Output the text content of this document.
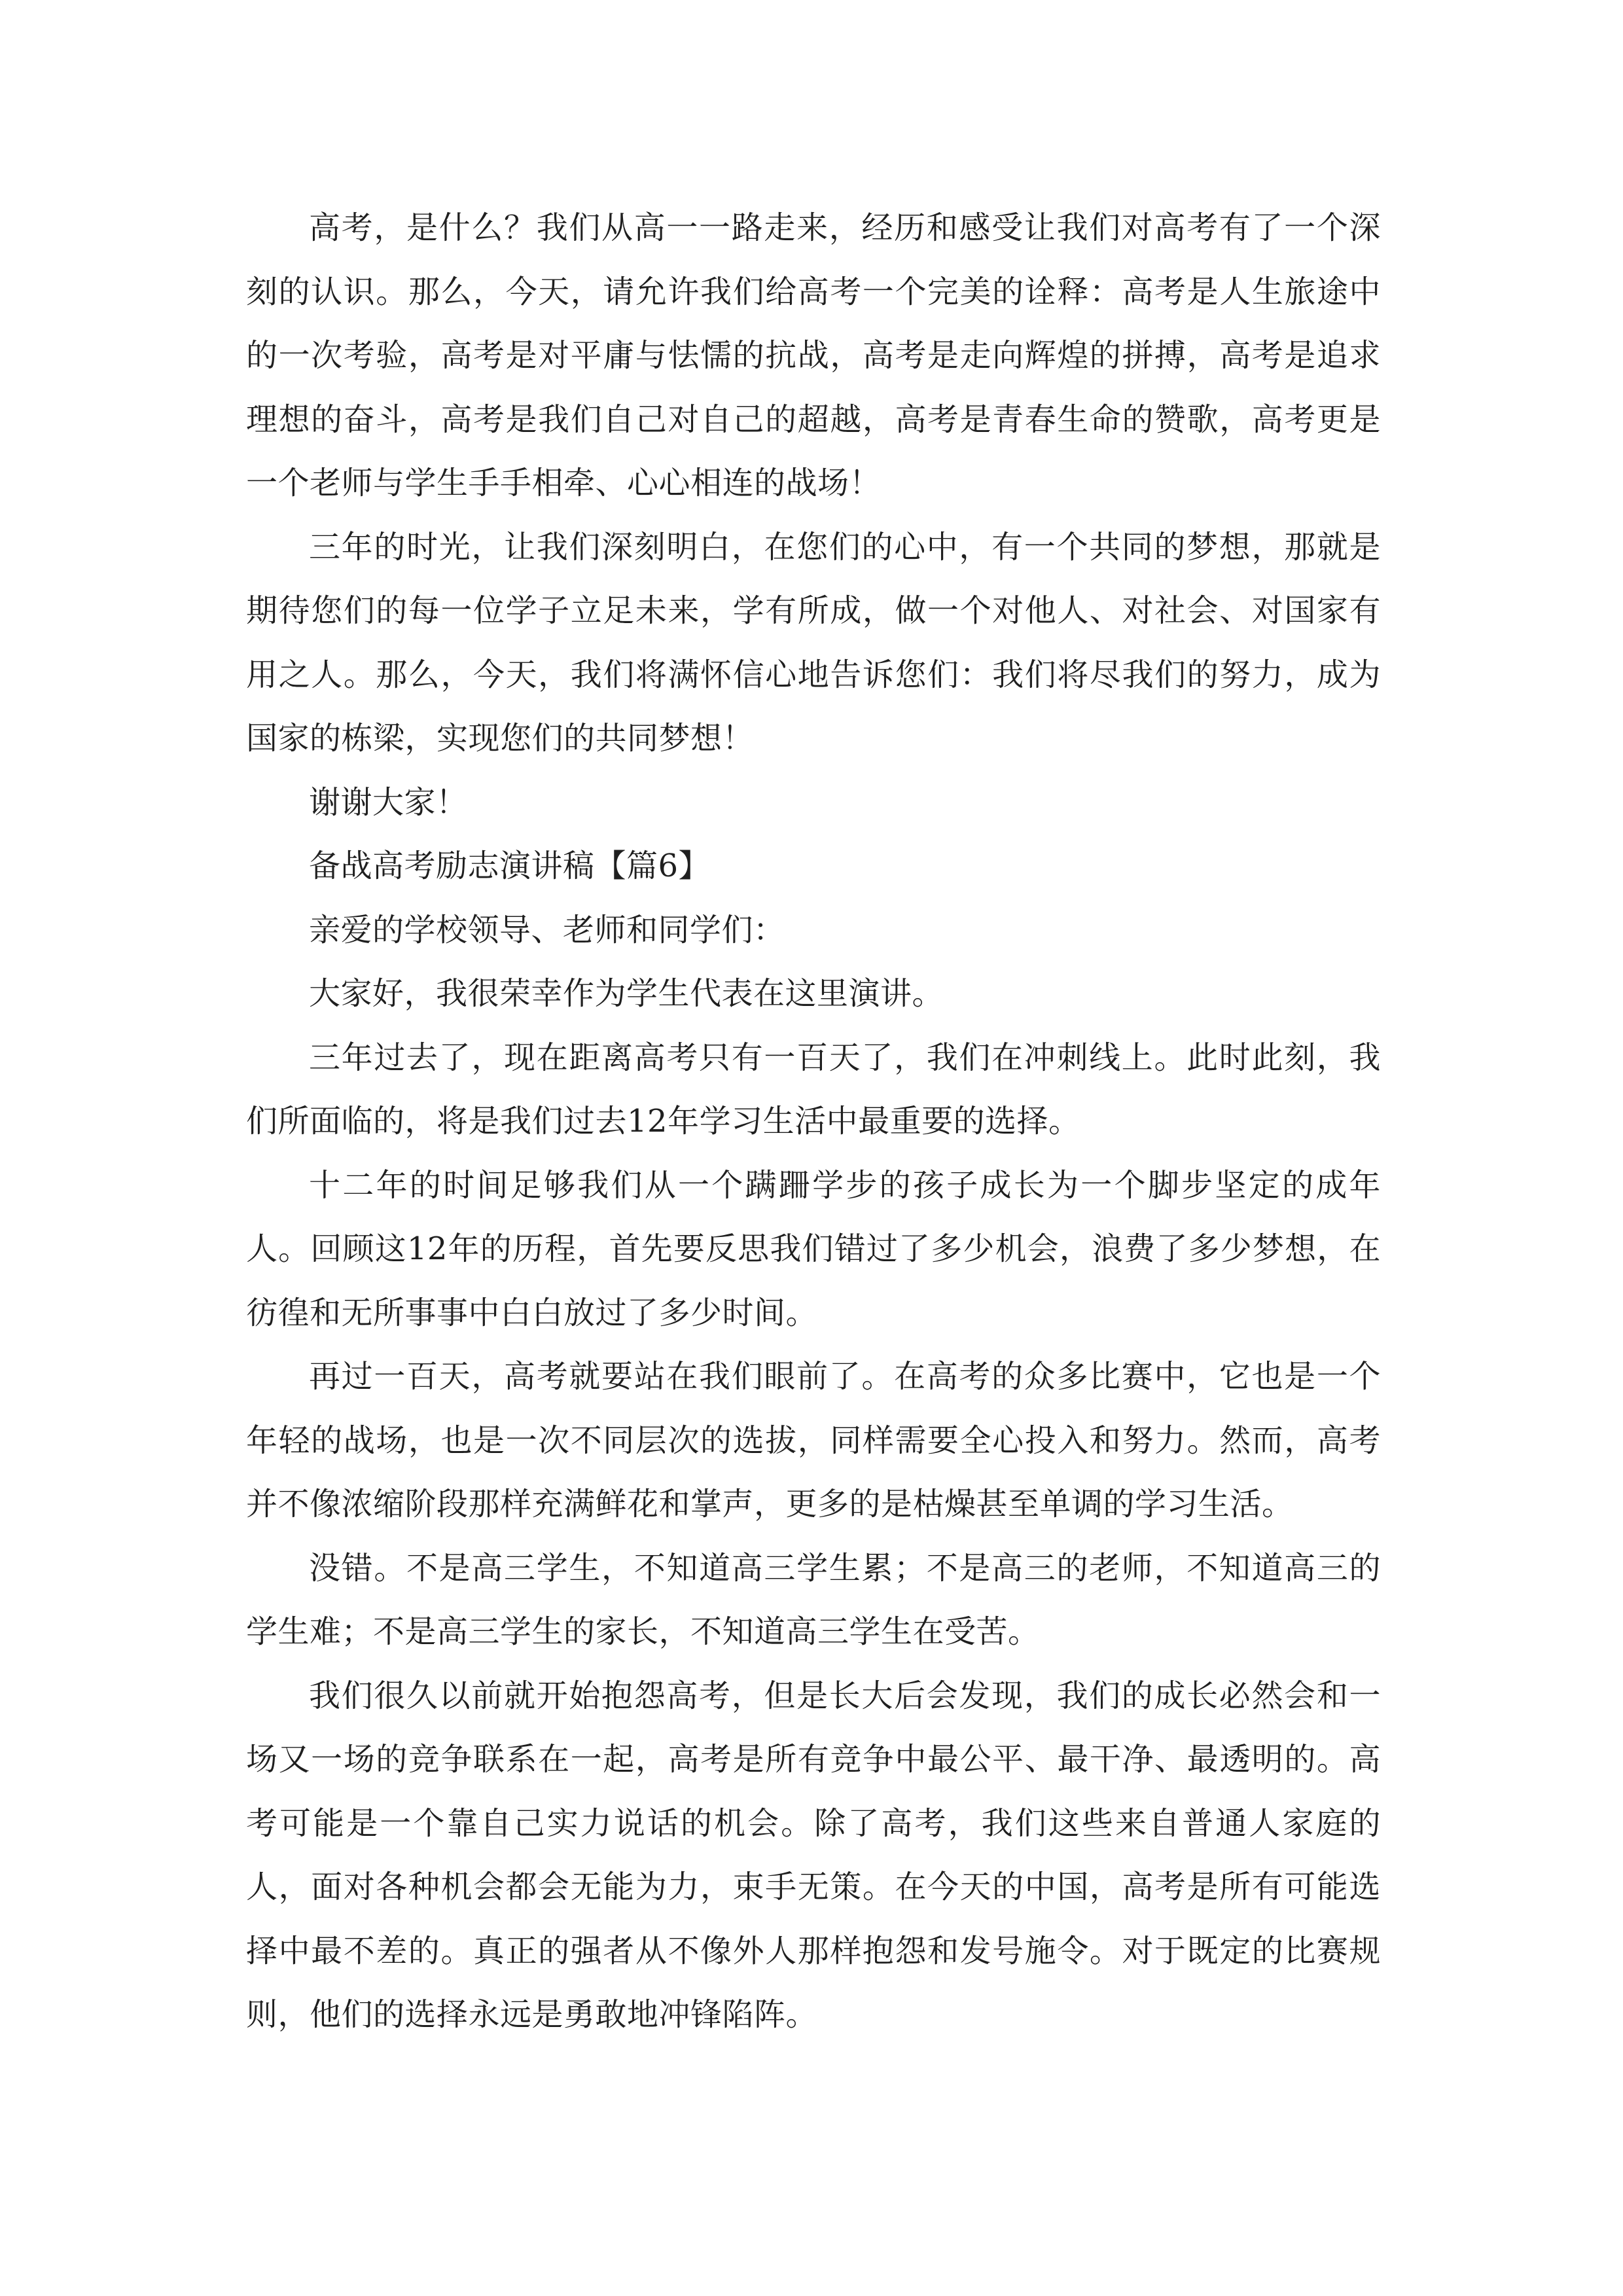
高考，是什么？我们从高一一路走来，经历和感受让我们对高考有了一个深刻的认识。那么，今天，请允许我们给高考一个完美的诠释：高考是人生旅途中的一次考验，高考是对平庸与怯懦的抗战，高考是走向辉煌的拼搏，高考是追求理想的奋斗，高考是我们自己对自己的超越，高考是青春生命的赞歌，高考更是一个老师与学生手手相牵、心心相连的战场！

三年的时光，让我们深刻明白，在您们的心中，有一个共同的梦想，那就是期待您们的每一位学子立足未来，学有所成，做一个对他人、对社会、对国家有用之人。那么，今天，我们将满怀信心地告诉您们：我们将尽我们的努力，成为国家的栋梁，实现您们的共同梦想！

谢谢大家！

备战高考励志演讲稿【篇6】

亲爱的学校领导、老师和同学们：

大家好，我很荣幸作为学生代表在这里演讲。

三年过去了，现在距离高考只有一百天了，我们在冲刺线上。此时此刻，我们所面临的，将是我们过去12年学习生活中最重要的选择。

十二年的时间足够我们从一个蹒跚学步的孩子成长为一个脚步坚定的成年人。回顾这12年的历程，首先要反思我们错过了多少机会，浪费了多少梦想，在彷徨和无所事事中白白放过了多少时间。

再过一百天，高考就要站在我们眼前了。在高考的众多比赛中，它也是一个年轻的战场，也是一次不同层次的选拔，同样需要全心投入和努力。然而，高考并不像浓缩阶段那样充满鲜花和掌声，更多的是枯燥甚至单调的学习生活。

没错。不是高三学生，不知道高三学生累；不是高三的老师，不知道高三的学生难；不是高三学生的家长，不知道高三学生在受苦。

我们很久以前就开始抱怨高考，但是长大后会发现，我们的成长必然会和一场又一场的竞争联系在一起，高考是所有竞争中最公平、最干净、最透明的。高考可能是一个靠自己实力说话的机会。除了高考，我们这些来自普通人家庭的人，面对各种机会都会无能为力，束手无策。在今天的中国，高考是所有可能选择中最不差的。真正的强者从不像外人那样抱怨和发号施令。对于既定的比赛规则，他们的选择永远是勇敢地冲锋陷阵。
